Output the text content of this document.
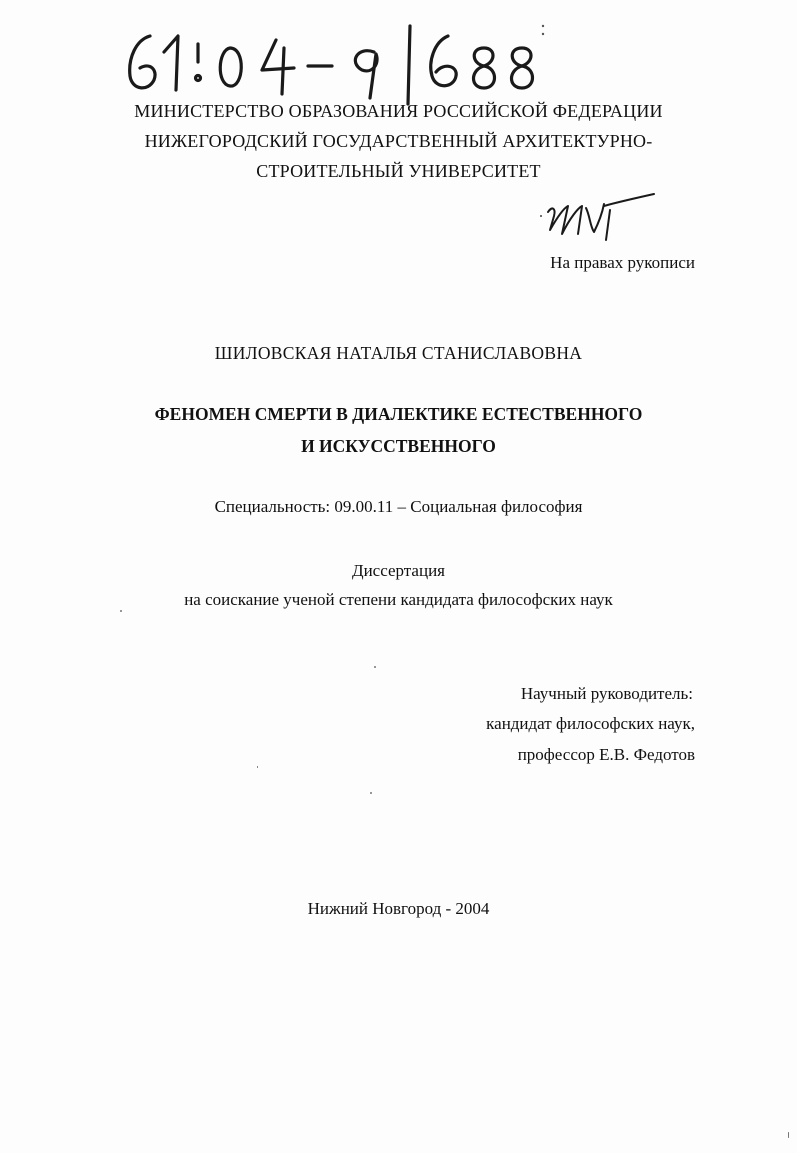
МИНИСТЕРСТВО ОБРАЗОВАНИЯ РОССИЙСКОЙ ФЕДЕРАЦИИ
НИЖЕГОРОДСКИЙ ГОСУДАРСТВЕННЫЙ АРХИТЕКТУРНО-
СТРОИТЕЛЬНЫЙ УНИВЕРСИТЕТ
На правах рукописи
ШИЛОВСКАЯ НАТАЛЬЯ СТАНИСЛАВОВНА
ФЕНОМЕН СМЕРТИ В ДИАЛЕКТИКЕ ЕСТЕСТВЕННОГО
И ИСКУССТВЕННОГО
Специальность: 09.00.11 – Социальная философия
Диссертация
на соискание ученой степени кандидата философских наук
Научный руководитель:
кандидат философских наук,
профессор Е.В. Федотов
Нижний Новгород - 2004
